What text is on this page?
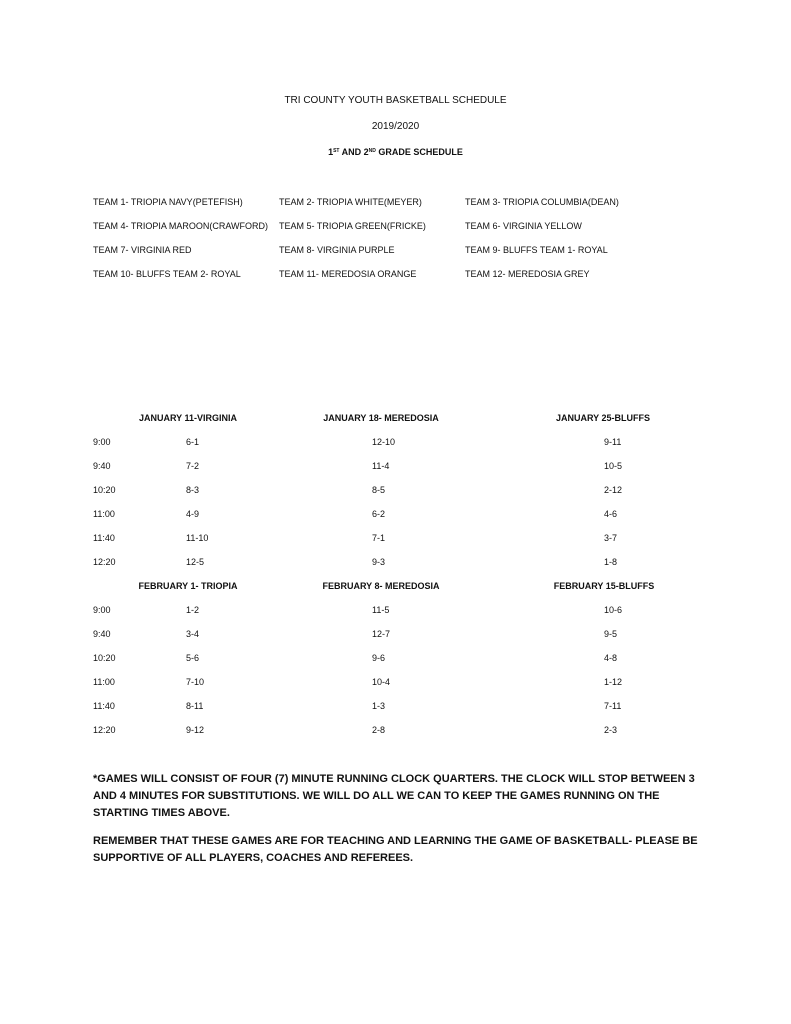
TRI COUNTY YOUTH BASKETBALL SCHEDULE
2019/2020
1ST AND 2ND GRADE SCHEDULE
TEAM 1- TRIOPIA NAVY(PETEFISH)	TEAM 2- TRIOPIA WHITE(MEYER)	TEAM 3- TRIOPIA COLUMBIA(DEAN)
TEAM 4- TRIOPIA MAROON(CRAWFORD) TEAM 5- TRIOPIA GREEN(FRICKE)	TEAM 6- VIRGINIA YELLOW
TEAM 7- VIRGINIA RED	TEAM 8- VIRGINIA PURPLE	TEAM 9- BLUFFS TEAM 1- ROYAL
TEAM 10- BLUFFS TEAM 2- ROYAL	TEAM 11- MEREDOSIA ORANGE	TEAM 12- MEREDOSIA GREY
JANUARY 11-VIRGINIA	JANUARY 18- MEREDOSIA	JANUARY 25-BLUFFS
9:00	6-1	12-10	9-11
9:40	7-2	11-4	10-5
10:20	8-3	8-5	2-12
11:00	4-9	6-2	4-6
11:40	11-10	7-1	3-7
12:20	12-5	9-3	1-8
FEBRUARY 1- TRIOPIA	FEBRUARY 8- MEREDOSIA	FEBRUARY 15-BLUFFS
9:00	1-2	11-5	10-6
9:40	3-4	12-7	9-5
10:20	5-6	9-6	4-8
11:00	7-10	10-4	1-12
11:40	8-11	1-3	7-11
12:20	9-12	2-8	2-3
*GAMES WILL CONSIST OF FOUR (7) MINUTE RUNNING CLOCK QUARTERS. THE CLOCK WILL STOP BETWEEN 3 AND 4 MINUTES FOR SUBSTITUTIONS. WE WILL DO ALL WE CAN TO KEEP THE GAMES RUNNING ON THE STARTING TIMES ABOVE.
REMEMBER THAT THESE GAMES ARE FOR TEACHING AND LEARNING THE GAME OF BASKETBALL- PLEASE BE SUPPORTIVE OF ALL PLAYERS, COACHES AND REFEREES.
